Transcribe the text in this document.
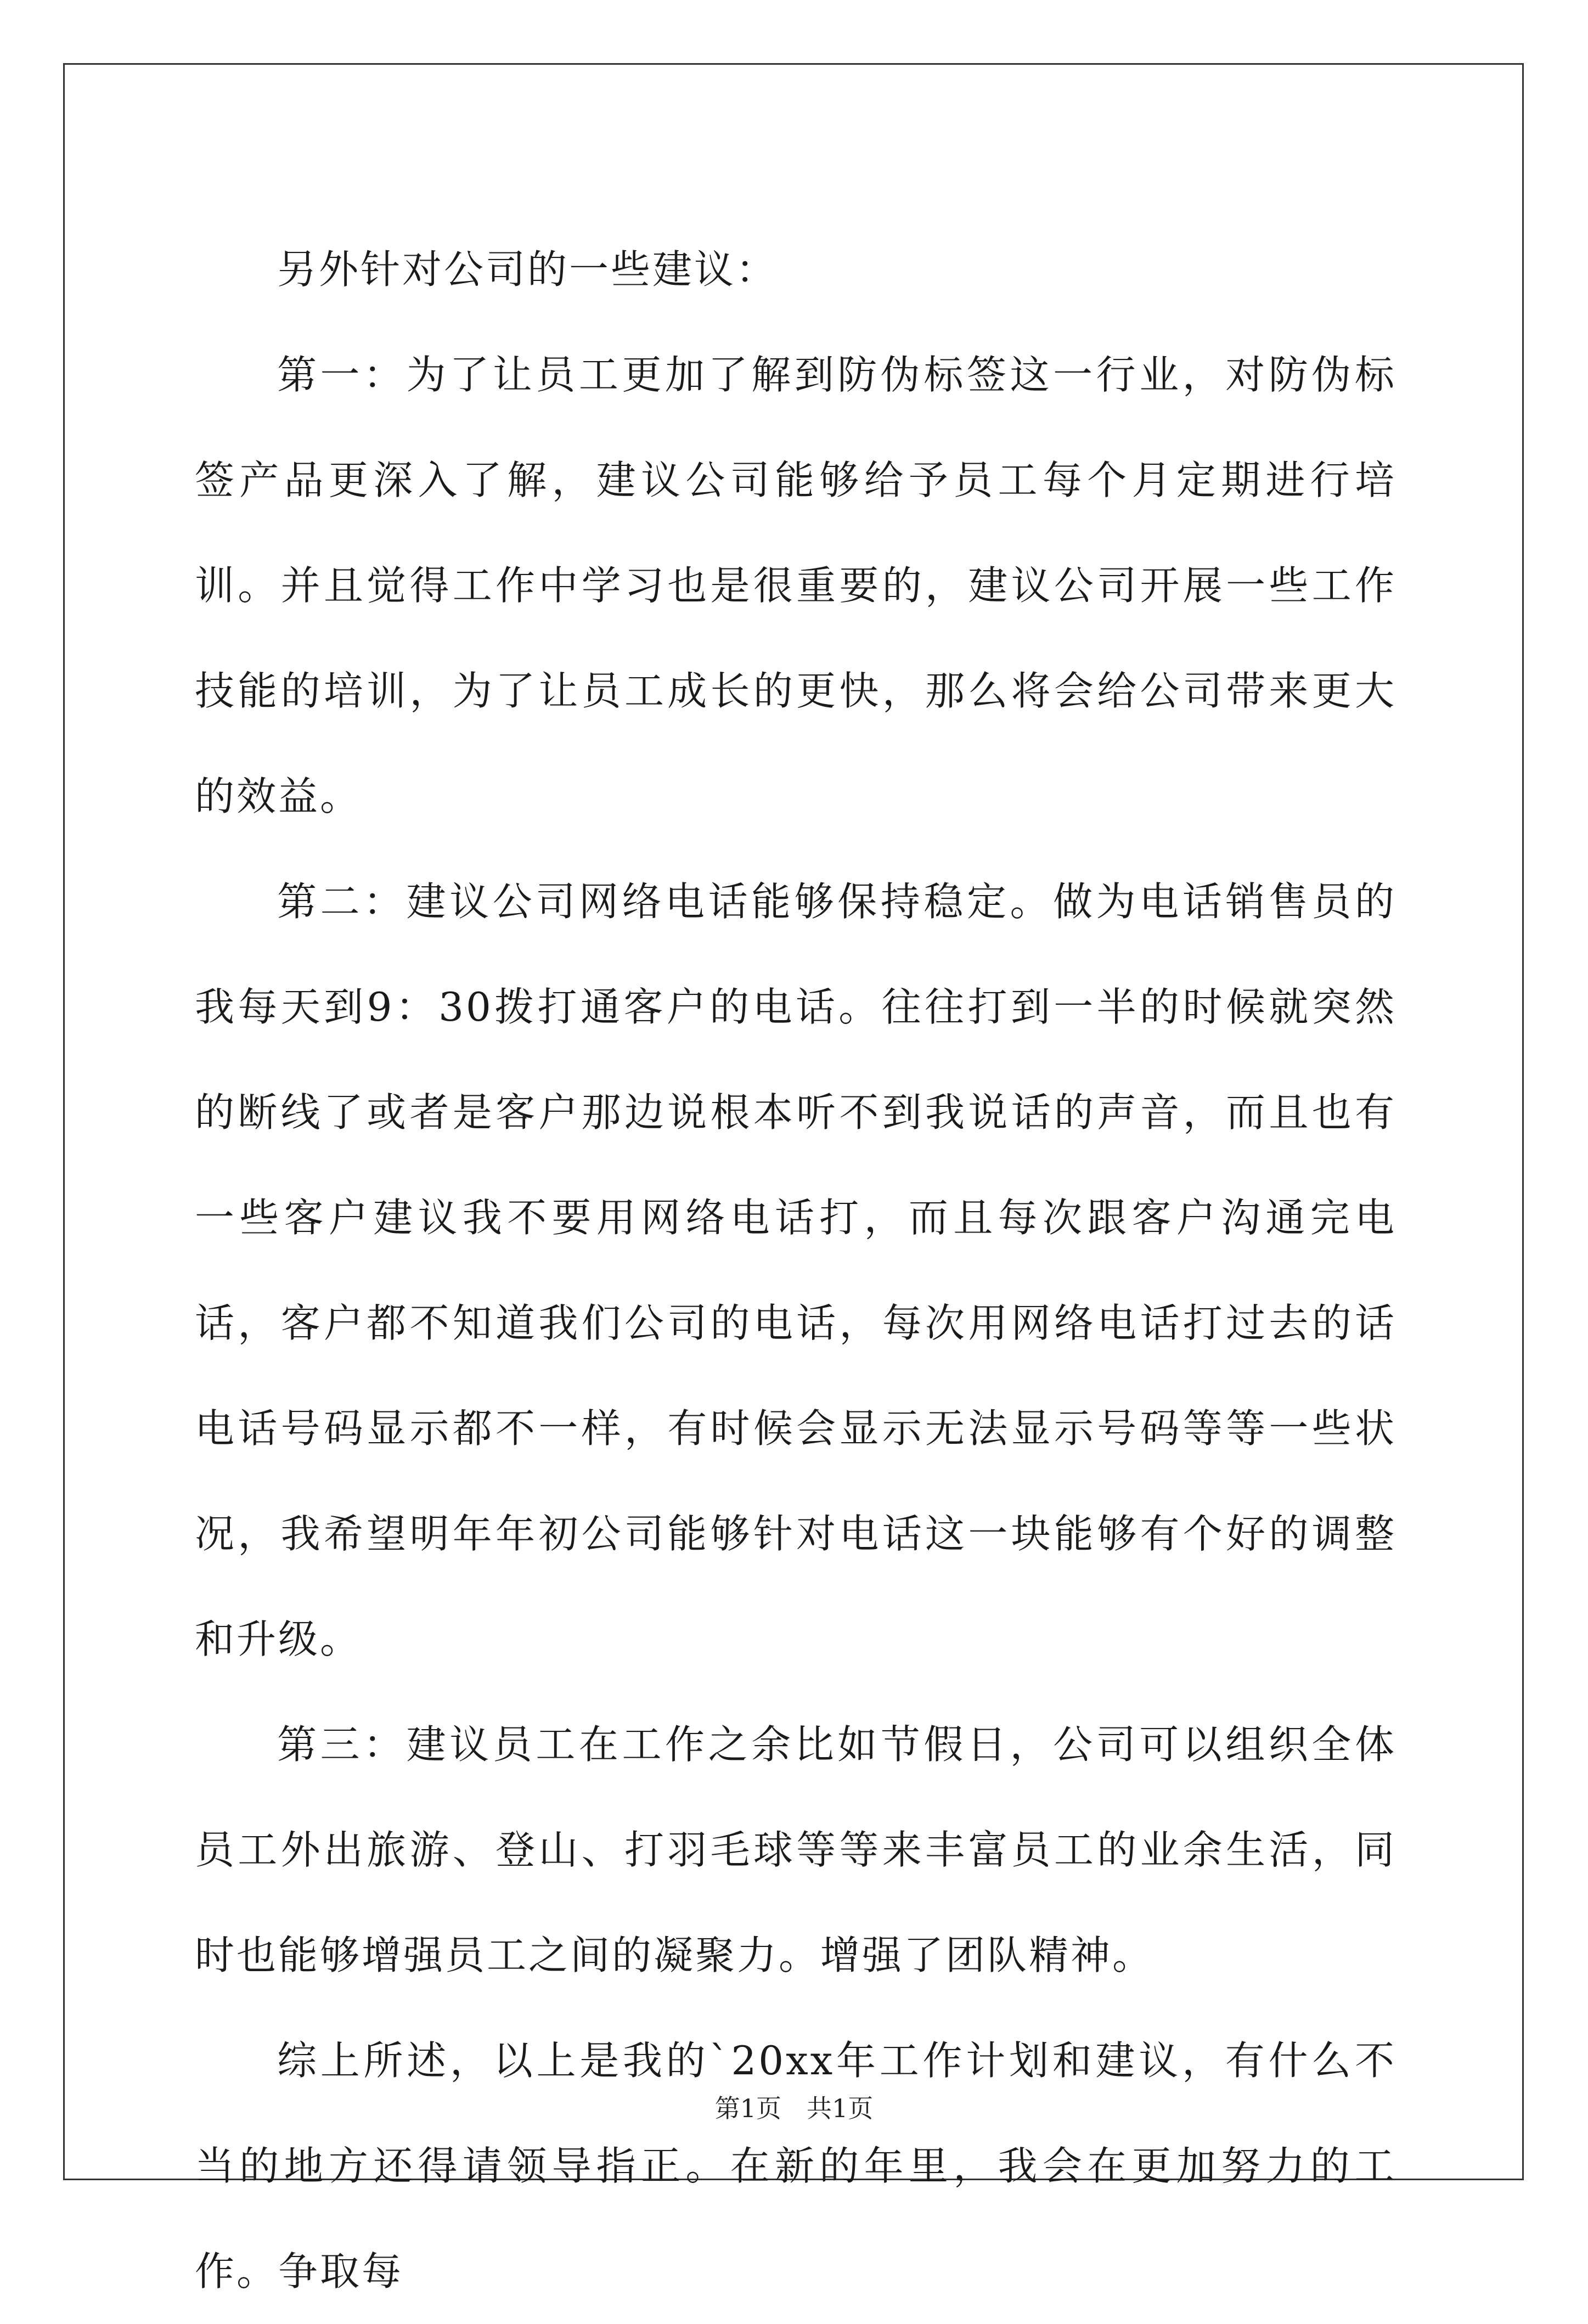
另外针对公司的一些建议：

第一：为了让员工更加了解到防伪标签这一行业，对防伪标签产品更深入了解，建议公司能够给予员工每个月定期进行培训。并且觉得工作中学习也是很重要的，建议公司开展一些工作技能的培训，为了让员工成长的更快，那么将会给公司带来更大的效益。

第二：建议公司网络电话能够保持稳定。做为电话销售员的我每天到9：30拨打通客户的电话。往往打到一半的时候就突然的断线了或者是客户那边说根本听不到我说话的声音，而且也有一些客户建议我不要用网络电话打，而且每次跟客户沟通完电话，客户都不知道我们公司的电话，每次用网络电话打过去的话电话号码显示都不一样，有时候会显示无法显示号码等等一些状况，我希望明年年初公司能够针对电话这一块能够有个好的调整和升级。

第三：建议员工在工作之余比如节假日，公司可以组织全体员工外出旅游、登山、打羽毛球等等来丰富员工的业余生活，同时也能够增强员工之间的凝聚力。增强了团队精神。

综上所述，以上是我的`20xx年工作计划和建议，有什么不当的地方还得请领导指正。在新的年里，我会在更加努力的工作。争取每

第1页　共1页
